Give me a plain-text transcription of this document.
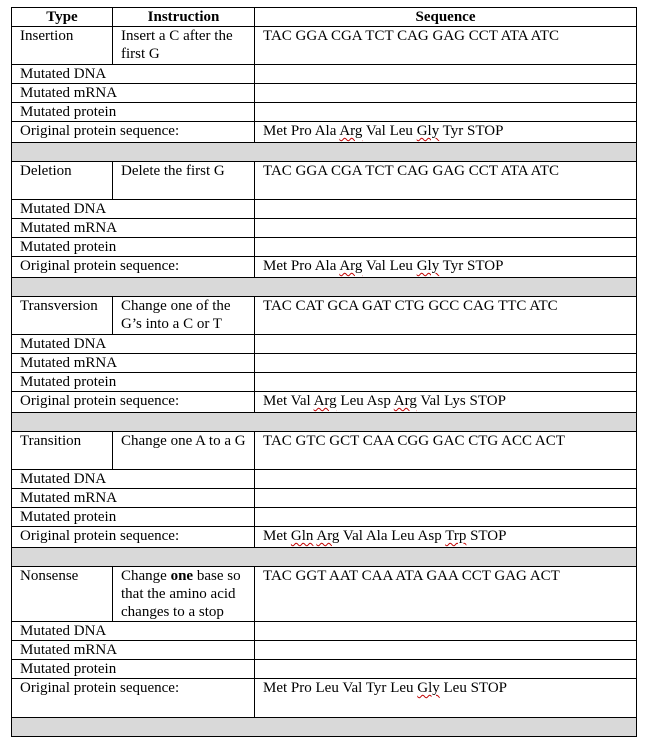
Type	Instruction	Sequence
Insertion	Insert a C after the first G	TAC GGA CGA TCT CAG GAG CCT ATA ATC
Mutated DNA		
Mutated mRNA		
Mutated protein		
Original protein sequence:		Met Pro Ala Arg Val Leu Gly Tyr STOP

Deletion	Delete the first G	TAC GGA CGA TCT CAG GAG CCT ATA ATC
Mutated DNA		
Mutated mRNA		
Mutated protein		
Original protein sequence:		Met Pro Ala Arg Val Leu Gly Tyr STOP

Transversion	Change one of the G’s into a C or T	TAC CAT GCA GAT CTG GCC CAG TTC ATC
Mutated DNA		
Mutated mRNA		
Mutated protein		
Original protein sequence:		Met Val Arg Leu Asp Arg Val Lys STOP

Transition	Change one A to a G	TAC GTC GCT CAA CGG GAC CTG ACC ACT
Mutated DNA		
Mutated mRNA		
Mutated protein		
Original protein sequence:		Met Gln Arg Val Ala Leu Asp Trp STOP

Nonsense	Change one base so that the amino acid changes to a stop	TAC GGT AAT CAA ATA GAA CCT GAG ACT
Mutated DNA		
Mutated mRNA		
Mutated protein		
Original protein sequence:		Met Pro Leu Val Tyr Leu Gly Leu STOP
